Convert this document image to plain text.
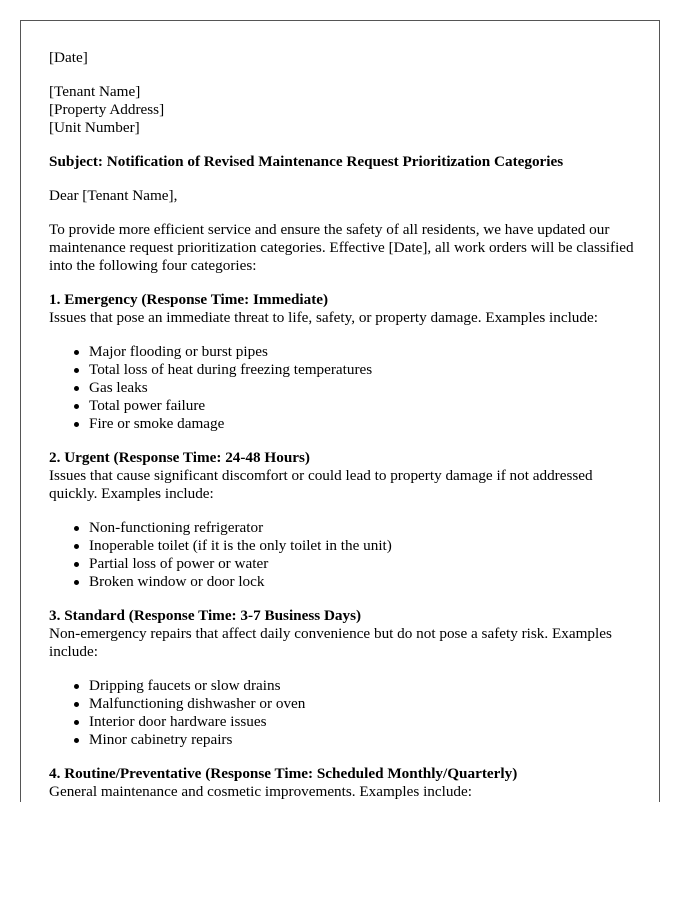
[Date]

[Tenant Name]
[Property Address]
[Unit Number]

Subject: Notification of Revised Maintenance Request Prioritization Categories

Dear [Tenant Name],

To provide more efficient service and ensure the safety of all residents, we have updated our maintenance request prioritization categories. Effective [Date], all work orders will be classified into the following four categories:

1. Emergency (Response Time: Immediate)
Issues that pose an immediate threat to life, safety, or property damage. Examples include:
Major flooding or burst pipes
Total loss of heat during freezing temperatures
Gas leaks
Total power failure
Fire or smoke damage
2. Urgent (Response Time: 24-48 Hours)
Issues that cause significant discomfort or could lead to property damage if not addressed quickly. Examples include:
Non-functioning refrigerator
Inoperable toilet (if it is the only toilet in the unit)
Partial loss of power or water
Broken window or door lock
3. Standard (Response Time: 3-7 Business Days)
Non-emergency repairs that affect daily convenience but do not pose a safety risk. Examples include:
Dripping faucets or slow drains
Malfunctioning dishwasher or oven
Interior door hardware issues
Minor cabinetry repairs
4. Routine/Preventative (Response Time: Scheduled Monthly/Quarterly)
General maintenance and cosmetic improvements. Examples include:
